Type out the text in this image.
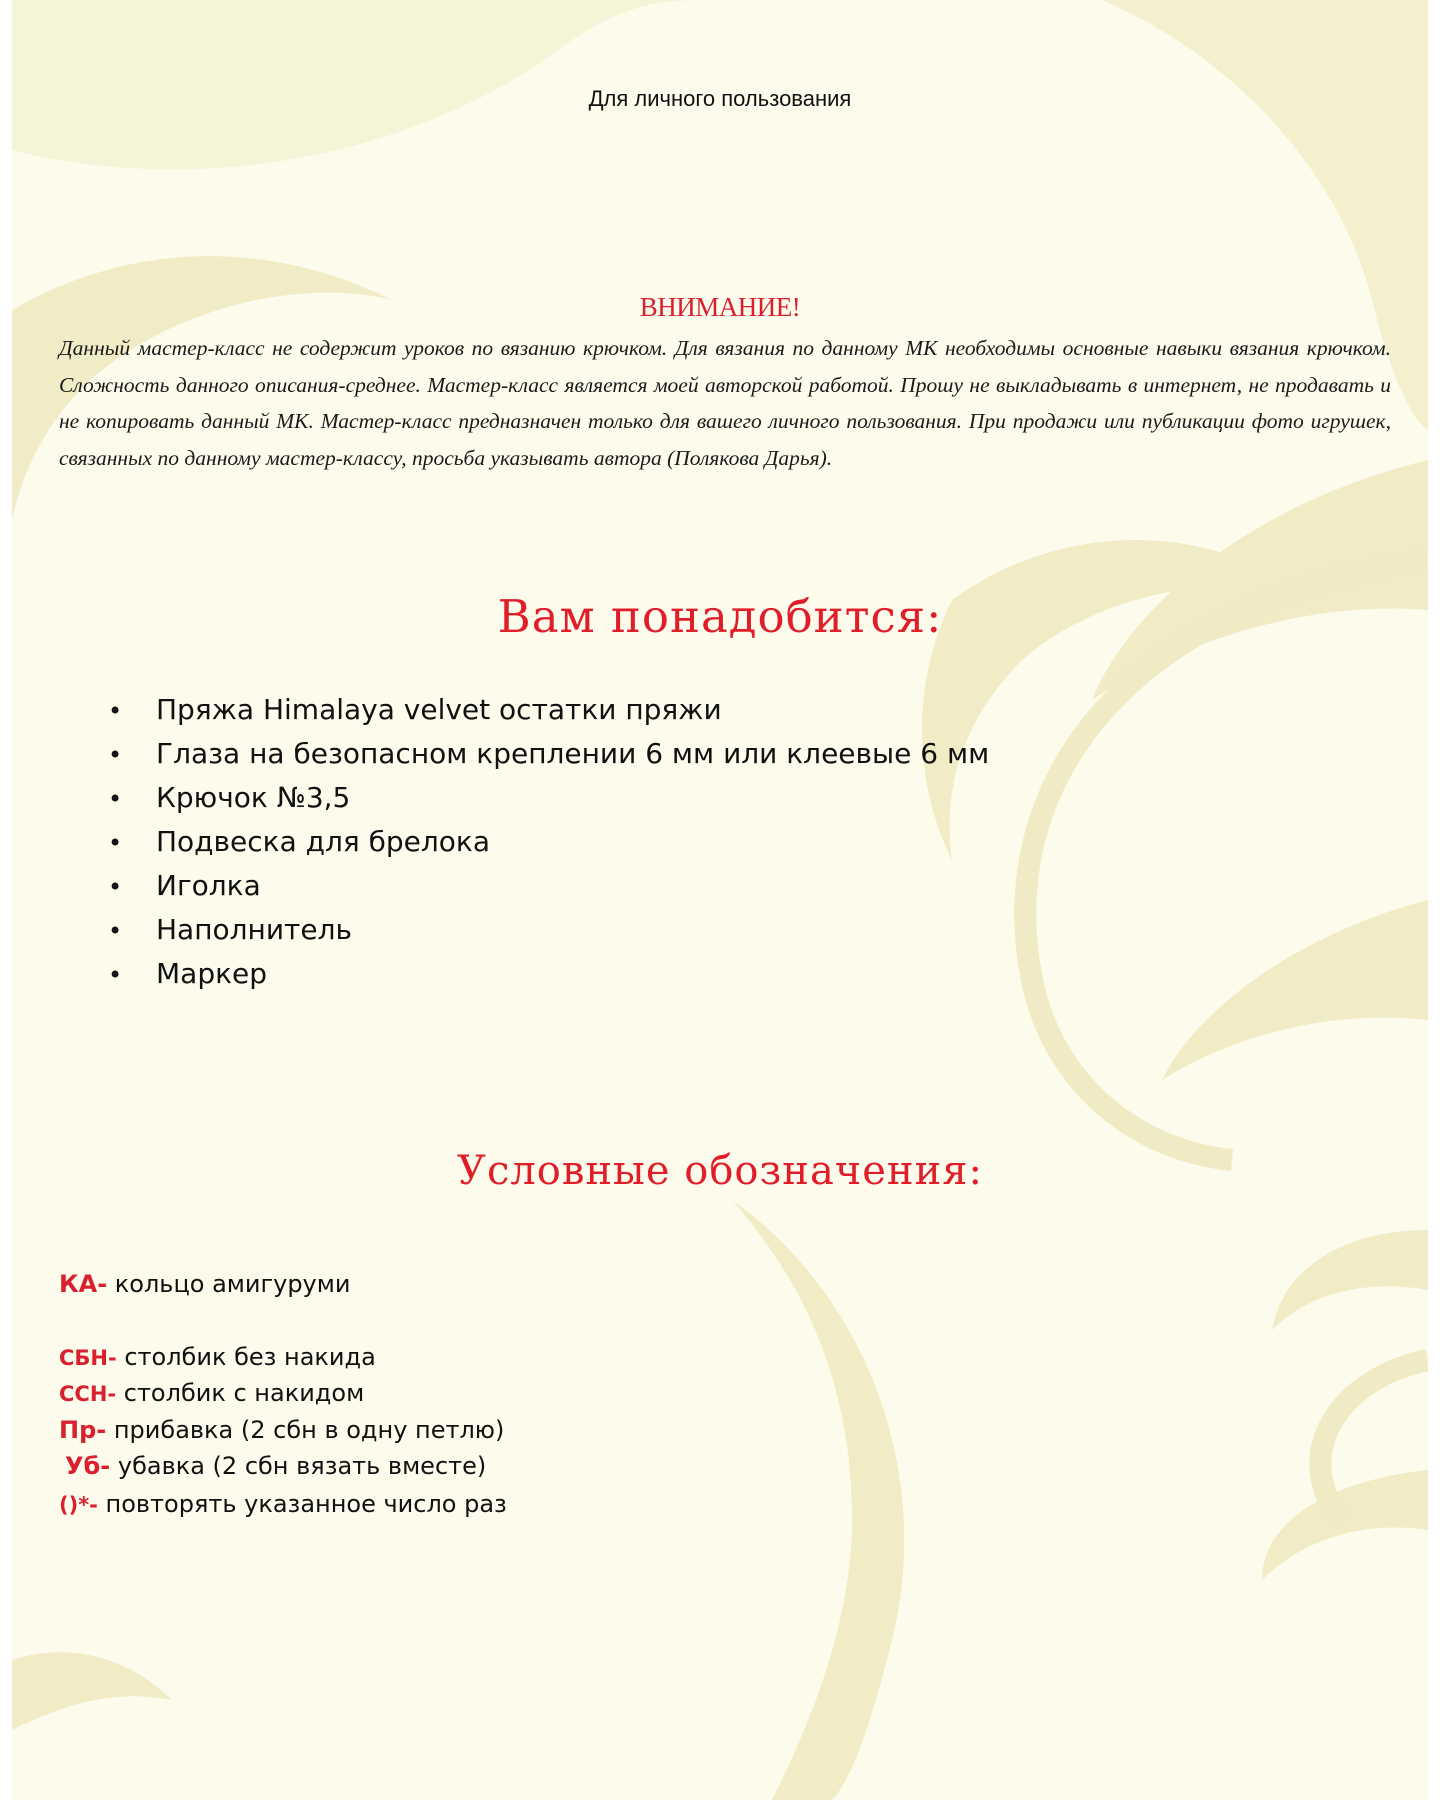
Для личного пользования
ВНИМАНИЕ!
Данный мастер-класс не содержит уроков по вязанию крючком. Для вязания по данному МК необходимы основные навыки вязания крючком. Сложность данного описания-среднее. Мастер-класс является моей авторской работой. Прошу не выкладывать в интернет, не продавать и не копировать данный МК. Мастер-класс предназначен только для вашего личного пользования. При продажи или публикации фото игрушек, связанных по данному мастер-классу, просьба указывать автора (Полякова Дарья).
Вам понадобится:
• Пряжа Himalaya velvet остатки пряжи
• Глаза на безопасном креплении 6 мм или клеевые 6 мм
• Крючок №3,5
• Подвеска для брелока
• Иголка
• Наполнитель
• Маркер
Условные обозначения:
КА- кольцо амигуруми
СБН- столбик без накида
ССН- столбик с накидом
Пр- прибавка (2 сбн в одну петлю)
Уб- убавка (2 сбн вязать вместе)
()*- повторять указанное число раз
